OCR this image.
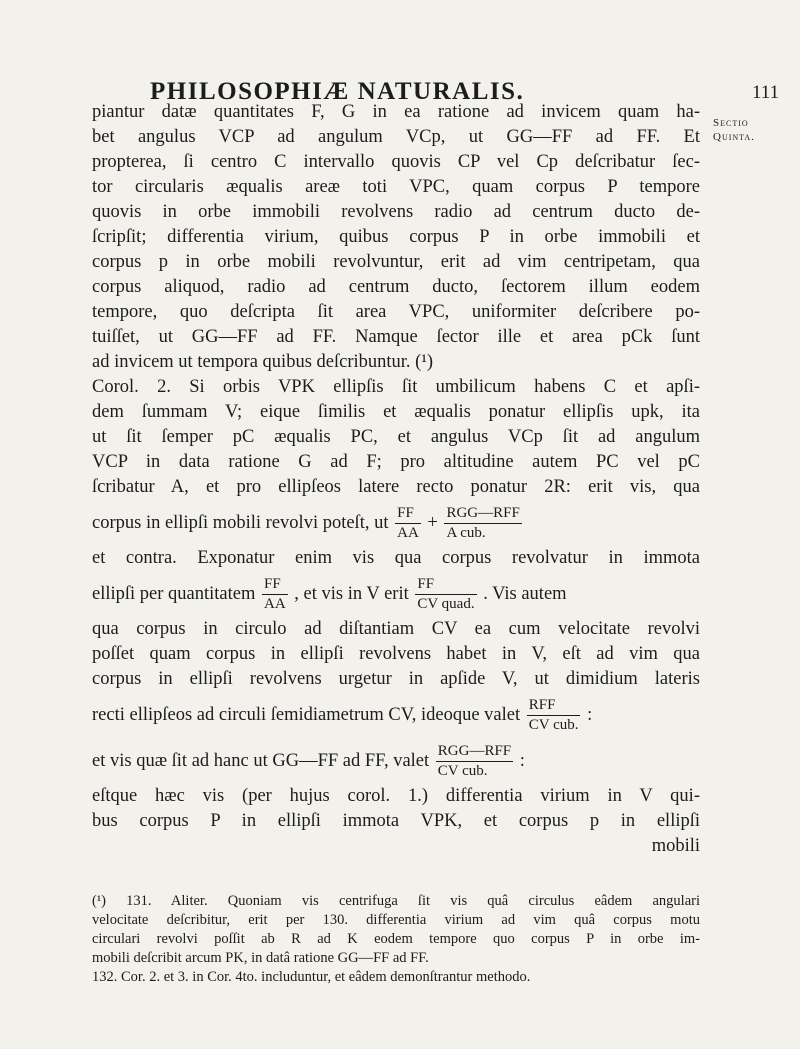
PHILOSOPHIÆ NATURALIS.	111
Sectio
Quinta.
piantur datæ quantitates F, G in ea ratione ad invicem quam ha-
bet angulus VCP ad angulum VCp, ut GG—FF ad FF. Et
propterea, ſi centro C intervallo quovis CP vel Cp deſcribatur ſec-
tor circularis æqualis areæ toti VPC, quam corpus P tempore
quovis in orbe immobili revolvens radio ad centrum ducto de-
ſcripſit; differentia virium, quibus corpus P in orbe immobili et
corpus p in orbe mobili revolvuntur, erit ad vim centripetam, qua
corpus aliquod, radio ad centrum ducto, ſectorem illum eodem
tempore, quo deſcripta ſit area VPC, uniformiter deſcribere po-
tuiſſet, ut GG—FF ad FF. Namque ſector ille et area pCk ſunt
ad invicem ut tempora quibus deſcribuntur. (¹)
Corol. 2. Si orbis VPK ellipſis ſit umbilicum habens C et apſi-
dem ſummam V; eique ſimilis et æqualis ponatur ellipſis upk, ita
ut ſit ſemper pC æqualis PC, et angulus VCp ſit ad angulum
VCP in data ratione G ad F; pro altitudine autem PC vel pC
ſcribatur A, et pro ellipſeos latere recto ponatur 2R: erit vis, qua
corpus in ellipſi mobili revolvi poteſt, ut $\frac{FF}{AA} + \frac{\text{RGG—RFF}}{\text{A cub.}}$
et contra. Exponatur enim vis qua corpus revolvatur in immota
ellipſi per quantitatem $\frac{FF}{AA}$ , et vis in V erit $\frac{FF}{\text{CV quad.}}$ . Vis autem
qua corpus in circulo ad diſtantiam CV ea cum velocitate revolvi
poſſet quam corpus in ellipſi revolvens habet in V, eſt ad vim qua
corpus in ellipſi revolvens urgetur in apſide V, ut dimidium lateris
recti ellipſeos ad circuli ſemidiametrum CV, ideoque valet $\frac{\text{RFF}}{\text{CV cub.}}$ :
et vis quæ ſit ad hanc ut GG—FF ad FF, valet $\frac{\text{RGG—RFF}}{\text{CV cub.}}$ :
eſtque hæc vis (per hujus corol. 1.) differentia virium in V qui-
bus corpus P in ellipſi immota VPK, et corpus p in ellipſi
mobili
(¹) 131. Aliter. Quoniam vis centrifuga ſit vis quâ circulus eâdem angulari
velocitate deſcribitur, erit per 130. differentia virium ad vim quâ corpus motu
circulari revolvi poſſit ab R ad K eodem tempore quo corpus P in orbe im-
mobili deſcribit arcum PK, in datâ ratione GG—FF ad FF.
132. Cor. 2. et 3. in Cor. 4to. includuntur, et eâdem demonſtrantur methodo.
